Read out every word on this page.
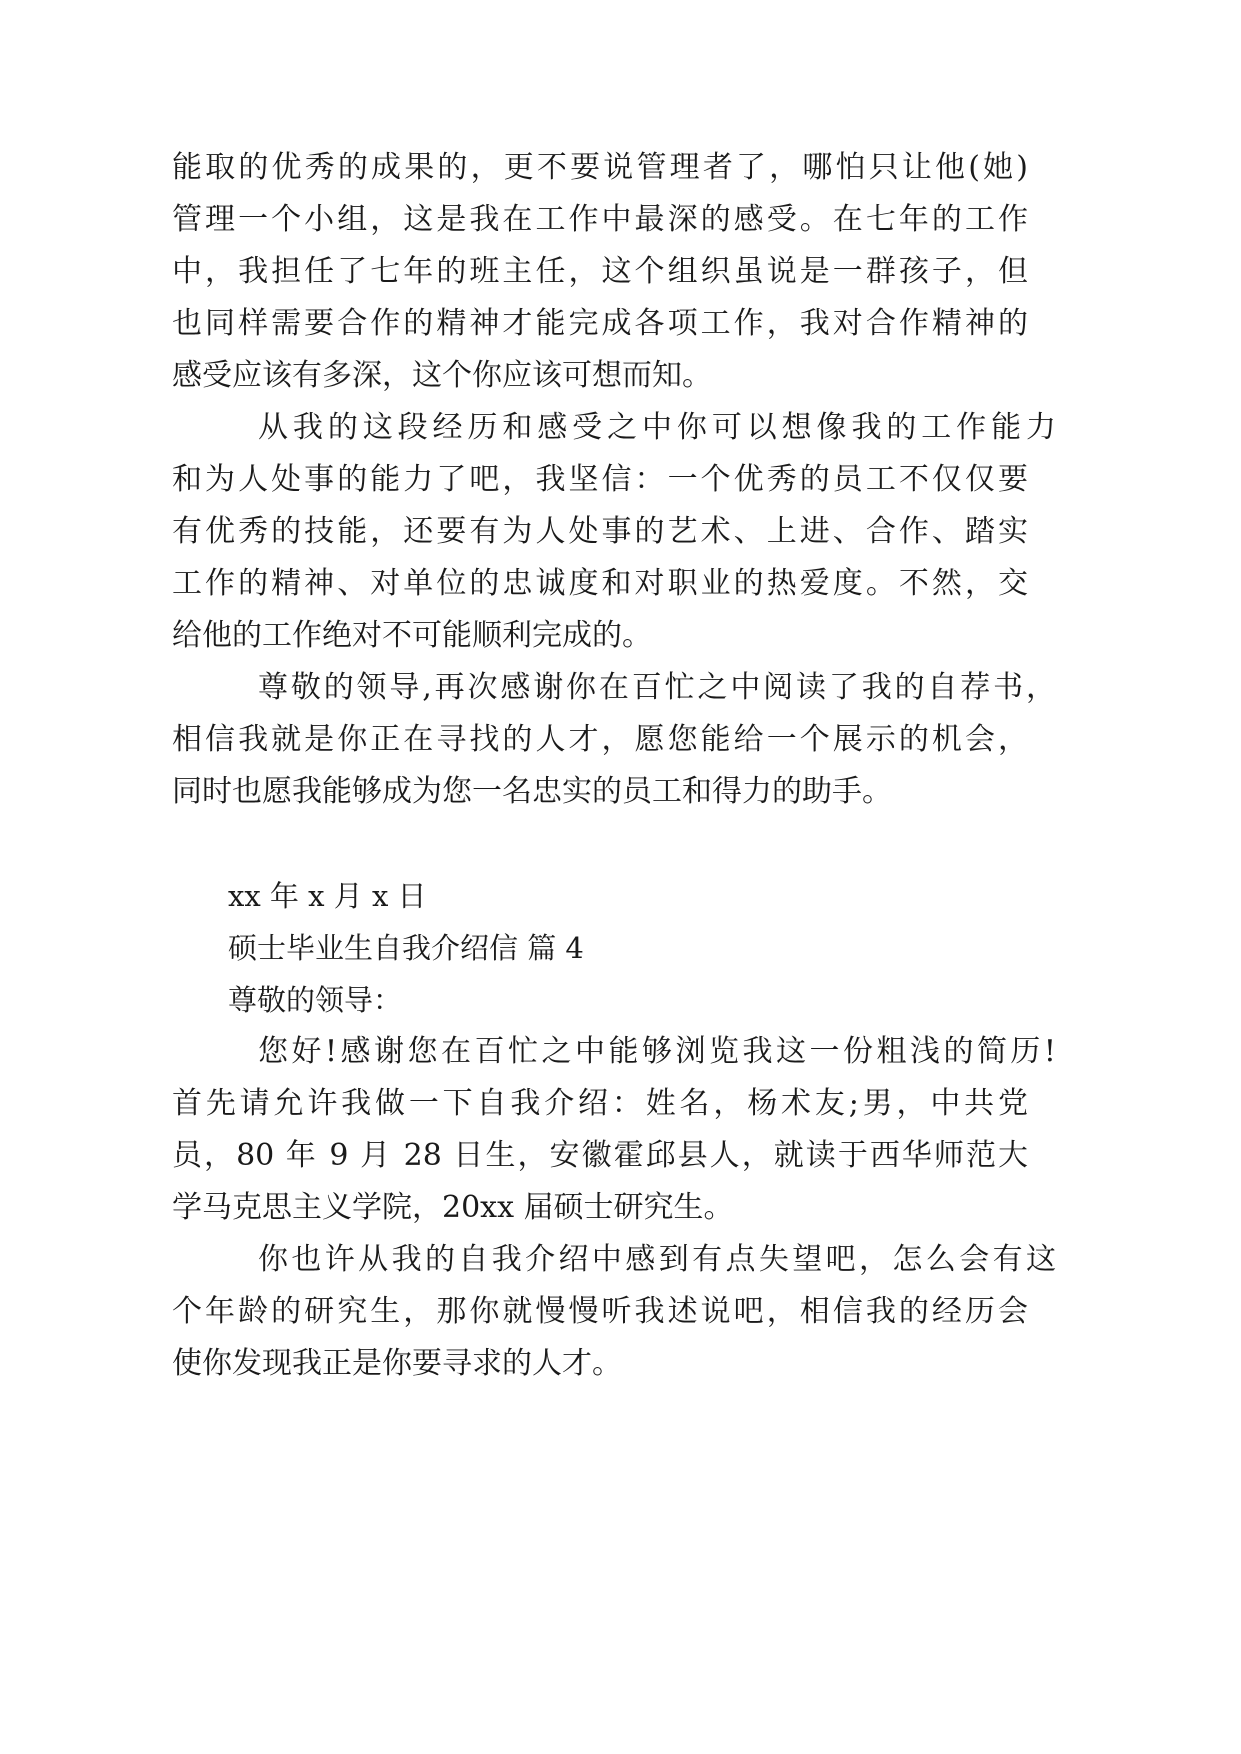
能取的优秀的成果的，更不要说管理者了，哪怕只让他(她)
管理一个小组，这是我在工作中最深的感受。在七年的工作
中，我担任了七年的班主任，这个组织虽说是一群孩子，但
也同样需要合作的精神才能完成各项工作，我对合作精神的
感受应该有多深，这个你应该可想而知。
从我的这段经历和感受之中你可以想像我的工作能力
和为人处事的能力了吧，我坚信：一个优秀的员工不仅仅要
有优秀的技能，还要有为人处事的艺术、上进、合作、踏实
工作的精神、对单位的忠诚度和对职业的热爱度。不然，交
给他的工作绝对不可能顺利完成的。
尊敬的领导,再次感谢你在百忙之中阅读了我的自荐书，
相信我就是你正在寻找的人才，愿您能给一个展示的机会，
同时也愿我能够成为您一名忠实的员工和得力的助手。
xx 年 x 月 x 日
硕士毕业生自我介绍信 篇 4
尊敬的领导：
您好!感谢您在百忙之中能够浏览我这一份粗浅的简历!
首先请允许我做一下自我介绍：姓名，杨术友;男，中共党
员，80 年 9 月 28 日生，安徽霍邱县人，就读于西华师范大
学马克思主义学院，20xx 届硕士研究生。
你也许从我的自我介绍中感到有点失望吧，怎么会有这
个年龄的研究生，那你就慢慢听我述说吧，相信我的经历会
使你发现我正是你要寻求的人才。
